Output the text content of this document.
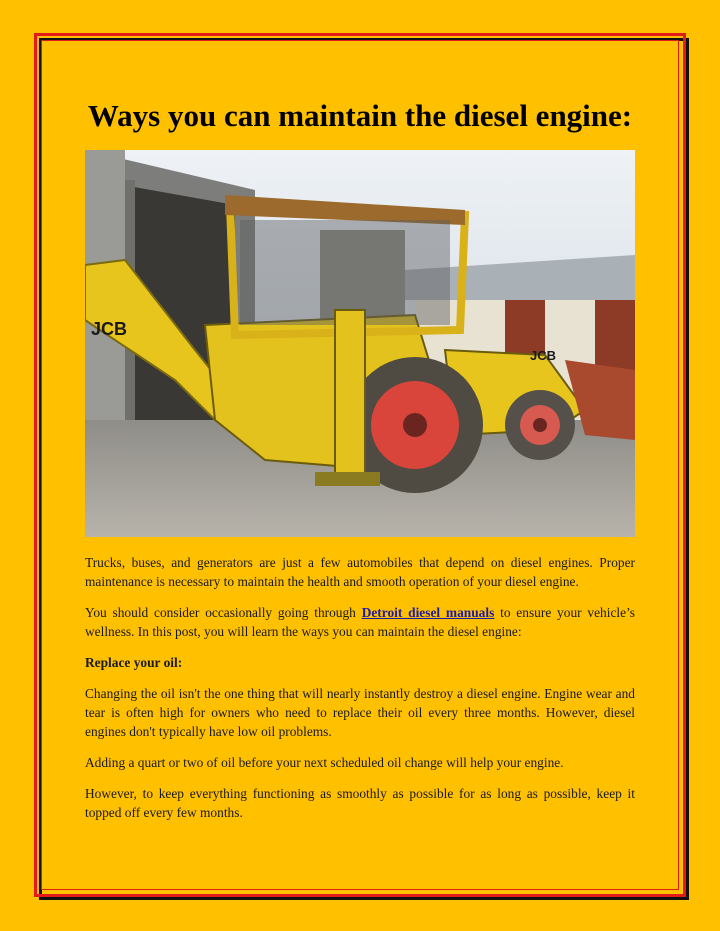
Ways you can maintain the diesel engine:
JCB
JCB

Trucks, buses, and generators are just a few automobiles that depend on diesel engines. Proper maintenance is necessary to maintain the health and smooth operation of your diesel engine.

You should consider occasionally going through Detroit diesel manuals to ensure your vehicle’s wellness. In this post, you will learn the ways you can maintain the diesel engine:

Replace your oil:

Changing the oil isn't the one thing that will nearly instantly destroy a diesel engine. Engine wear and tear is often high for owners who need to replace their oil every three months. However, diesel engines don't typically have low oil problems.

Adding a quart or two of oil before your next scheduled oil change will help your engine.

However, to keep everything functioning as smoothly as possible for as long as possible, keep it topped off every few months.
